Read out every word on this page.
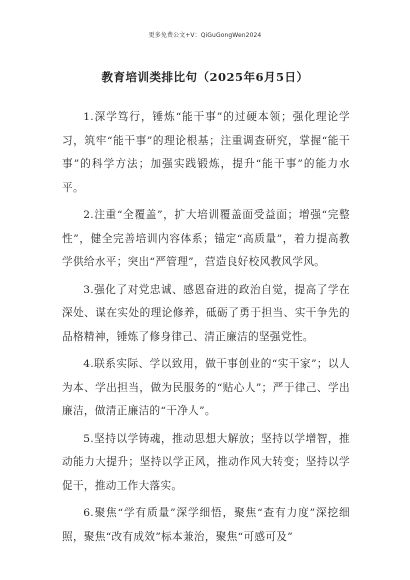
更多免费公文+V：QiGuGongWen2024
教育培训类排比句（2025年6月5日）

1.深学笃行，锤炼“能干事”的过硬本领；强化理论学习，筑牢“能干事”的理论根基；注重调查研究，掌握“能干事”的科学方法；加强实践锻炼，提升“能干事”的能力水平。

2.注重“全覆盖”，扩大培训覆盖面受益面；增强“完整性”，健全完善培训内容体系；锚定“高质量”，着力提高教学供给水平；突出“严管理”，营造良好校风教风学风。

3.强化了对党忠诚、感恩奋进的政治自觉，提高了学在深处、谋在实处的理论修养，砥砺了勇于担当、实干争先的品格精神，锤炼了修身律己、清正廉洁的坚强党性。

4.联系实际、学以致用，做干事创业的“实干家”；以人为本、学出担当，做为民服务的“贴心人”；严于律己、学出廉洁，做清正廉洁的“干净人”。

5.坚持以学铸魂，推动思想大解放；坚持以学增智，推动能力大提升；坚持以学正风，推动作风大转变；坚持以学促干，推动工作大落实。

6.聚焦“学有质量”深学细悟，聚焦“查有力度”深挖细照，聚焦“改有成效”标本兼治，聚焦“可感可及”
